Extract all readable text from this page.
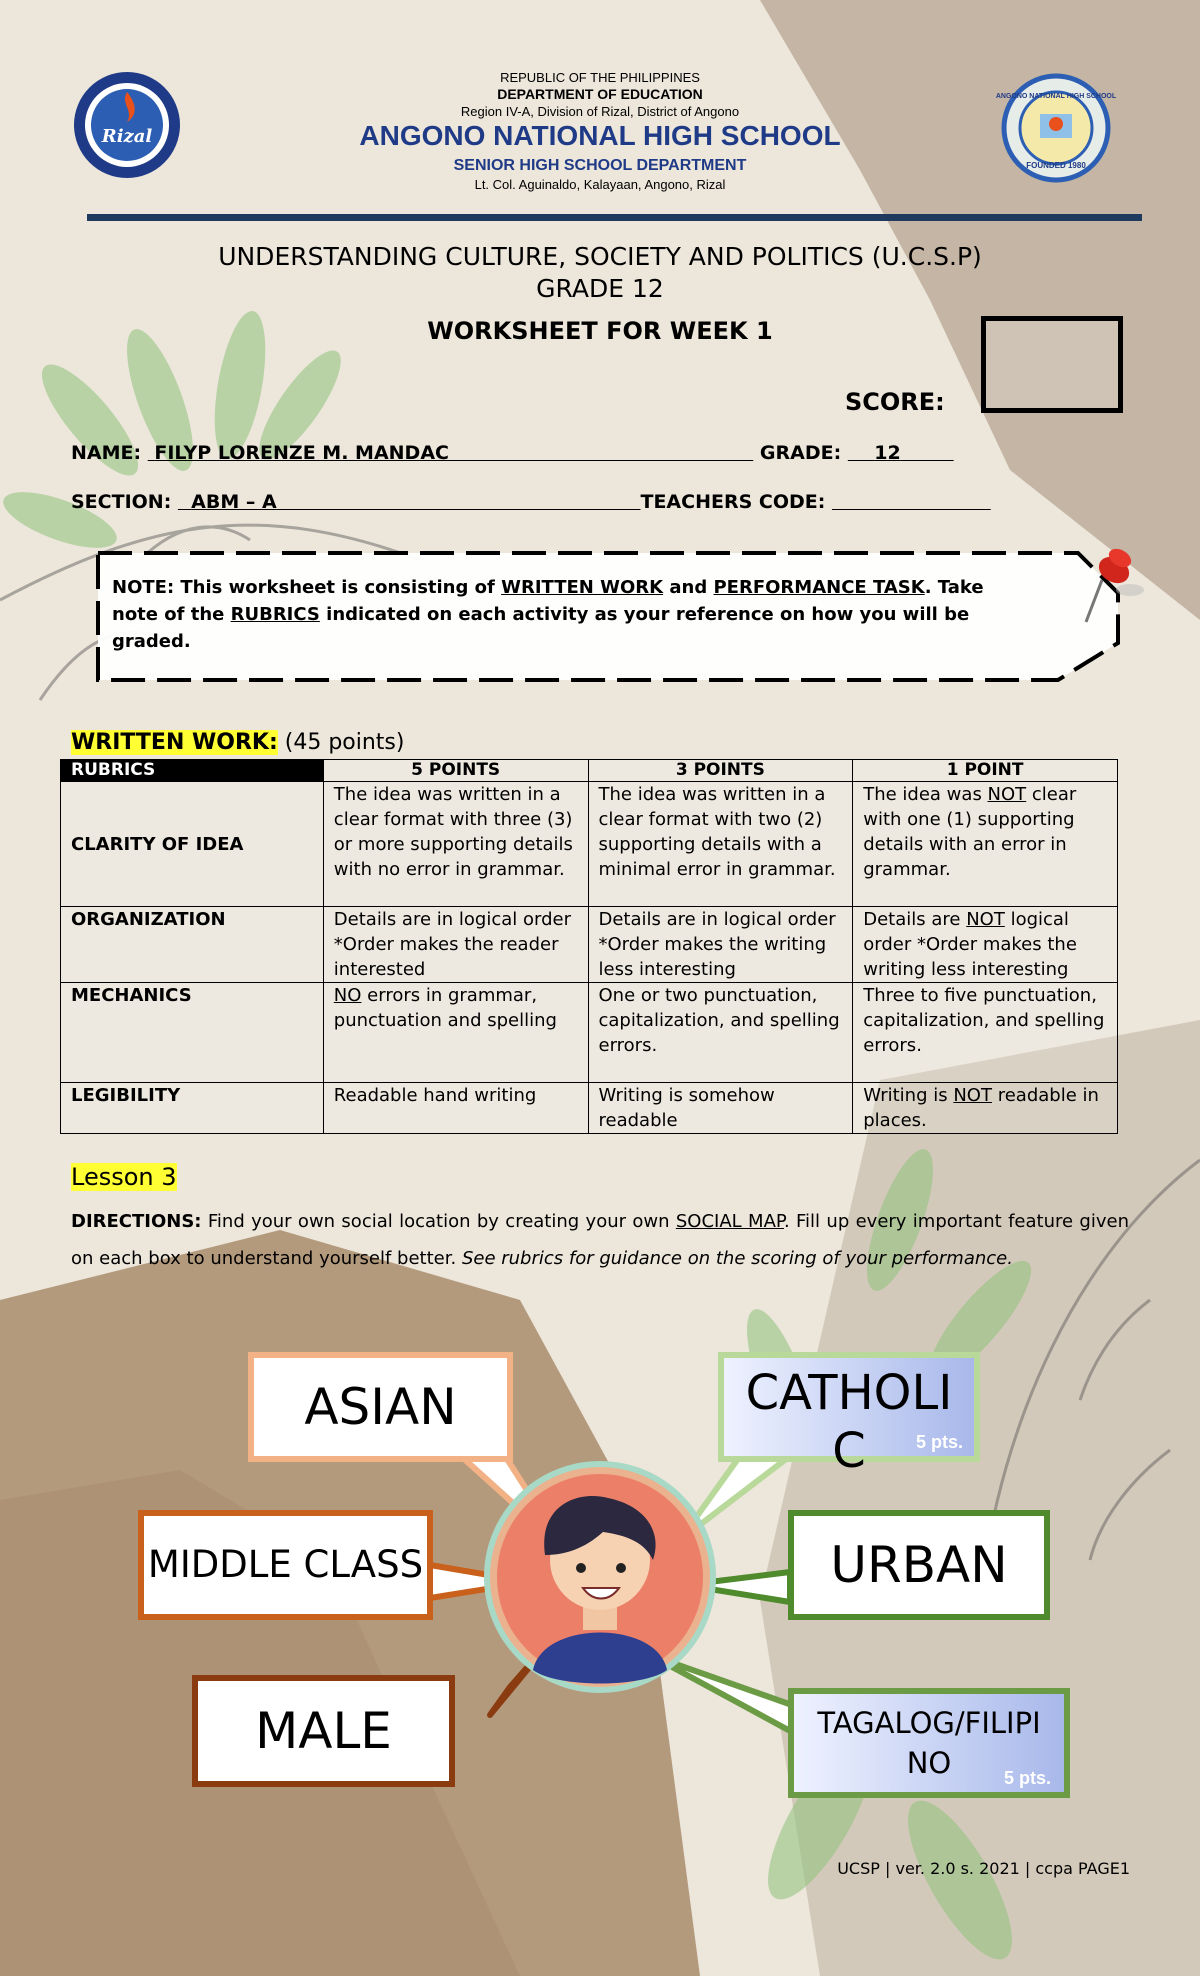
Rizal
ANGONO NATIONAL HIGH SCHOOL
FOUNDED 1980
REPUBLIC OF THE PHILIPPINES
DEPARTMENT OF EDUCATION
Region IV-A, Division of Rizal, District of Angono
ANGONO NATIONAL HIGH SCHOOL
SENIOR HIGH SCHOOL DEPARTMENT
Lt. Col. Aguinaldo, Kalayaan, Angono, Rizal
UNDERSTANDING CULTURE, SOCIETY AND POLITICS (U.C.S.P)
GRADE 12
WORKSHEET FOR WEEK 1
SCORE:
NAME:  FILYP LORENZE M. MANDAC	GRADE:     12
SECTION:   ABM – A	TEACHERS CODE:
NOTE: This worksheet is consisting of WRITTEN WORK and PERFORMANCE TASK. Take note of the RUBRICS indicated on each activity as your reference on how you will be graded.
WRITTEN WORK: (45 points)
RUBRICS	5 POINTS	3 POINTS	1 POINT
CLARITY OF IDEA	The idea was written in a clear format with three (3) or more supporting details with no error in grammar.	The idea was written in a clear format with two (2) supporting details with a minimal error in grammar.	The idea was NOT clear with one (1) supporting details with an error in grammar.
ORGANIZATION	Details are in logical order *Order makes the reader interested	Details are in logical order *Order makes the writing less interesting	Details are NOT logical order *Order makes the writing less interesting
MECHANICS	NO errors in grammar, punctuation and spelling	One or two punctuation, capitalization, and spelling errors.	Three to five punctuation, capitalization, and spelling errors.
LEGIBILITY	Readable hand writing	Writing is somehow readable	Writing is NOT readable in places.
Lesson 3
DIRECTIONS: Find your own social location by creating your own SOCIAL MAP. Fill up every important feature given on each box to understand yourself better. See rubrics for guidance on the scoring of your performance.
ASIAN
5 pts.
CATHOLI C	5 pts.
MIDDLE CLASS
5 pts.
URBAN
5 pts.
MALE
5 pts.
TAGALOG/FILIPI NO	5 pts.
UCSP | ver. 2.0 s. 2021 | ccpa PAGE1
